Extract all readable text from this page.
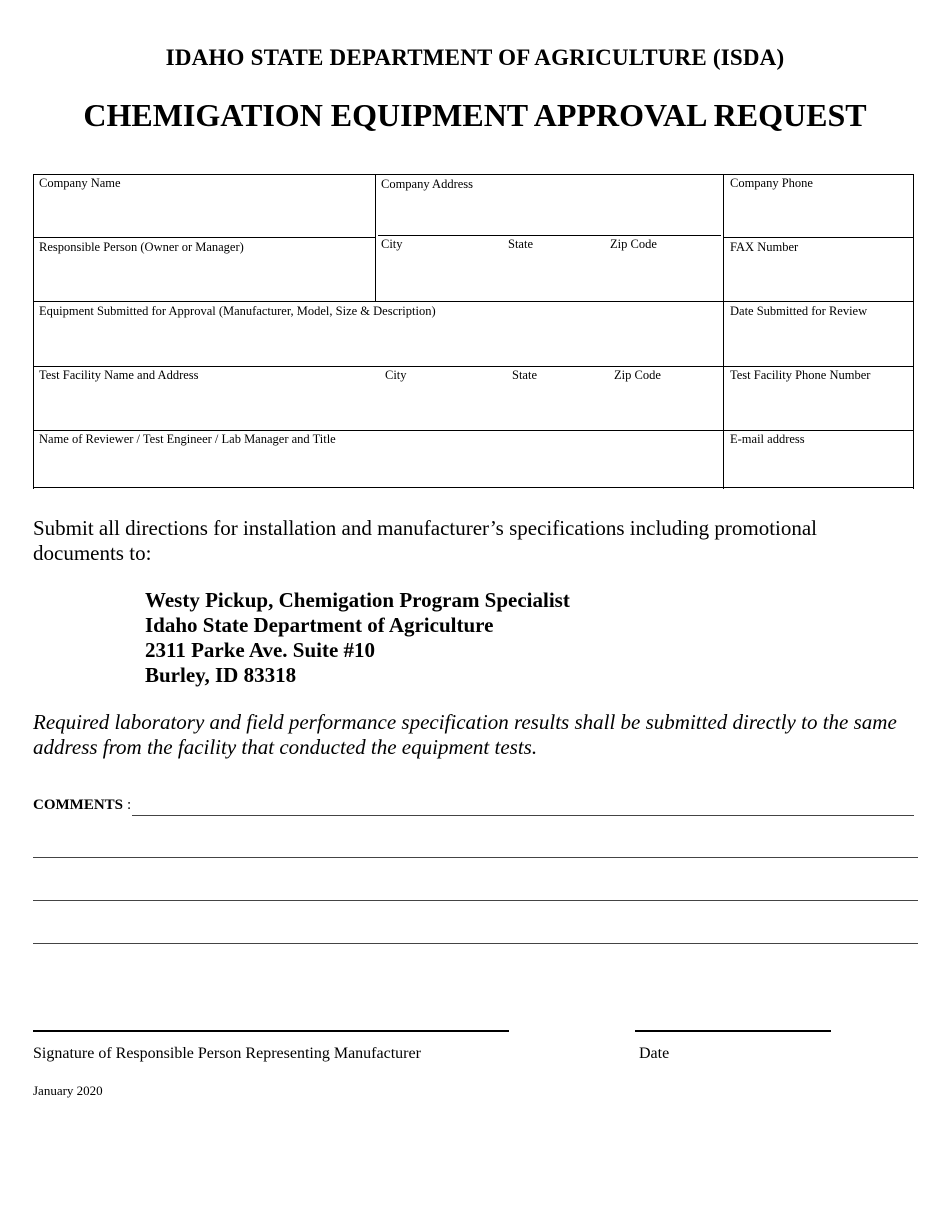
IDAHO STATE DEPARTMENT OF AGRICULTURE (ISDA)
CHEMIGATION EQUIPMENT APPROVAL REQUEST
Company Name	Company Address	Company Phone
Responsible Person (Owner or Manager)	City	State	Zip Code	FAX Number
Equipment Submitted for Approval (Manufacturer, Model, Size & Description)	Date Submitted for Review
Test Facility Name and Address	City	State	Zip Code	Test Facility Phone Number
Name of Reviewer / Test Engineer / Lab Manager and Title	E-mail address
Submit all directions for installation and manufacturer’s specifications including promotional documents to:
Westy Pickup, Chemigation Program Specialist
Idaho State Department of Agriculture
2311 Parke Ave. Suite #10
Burley, ID 83318
Required laboratory and field performance specification results shall be submitted directly to the same address from the facility that conducted the equipment tests.
COMMENTS :
Signature of Responsible Person Representing Manufacturer	Date
January 2020
